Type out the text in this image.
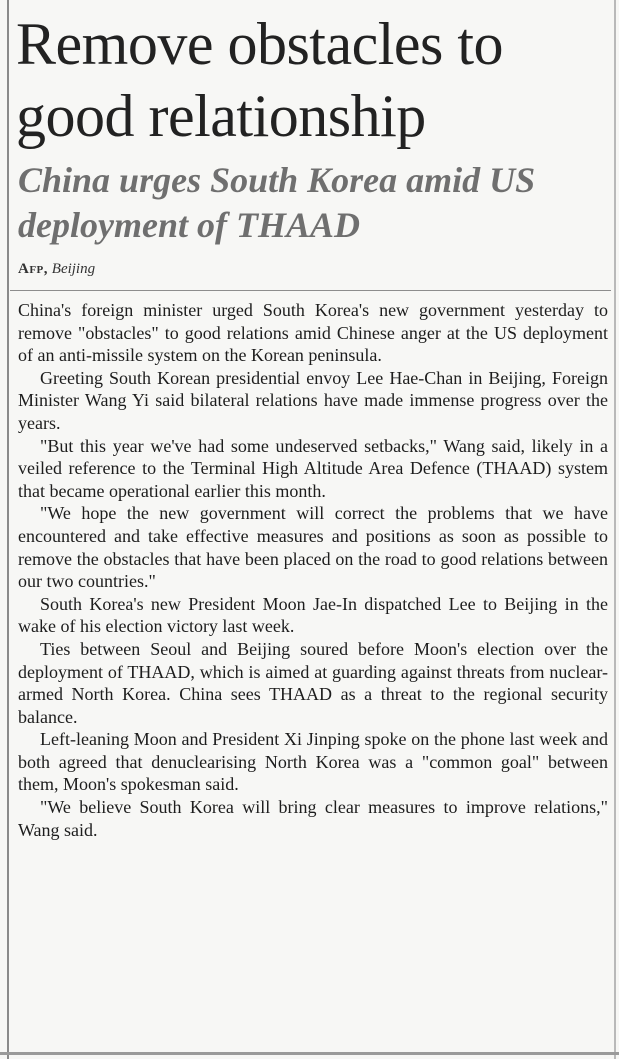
Remove obstacles to good relationship
China urges South Korea amid US deployment of THAAD
Afp, Beijing

China's foreign minister urged South Korea's new government yesterday to remove "obstacles" to good relations amid Chinese anger at the US deployment of an anti-missile system on the Korean peninsula.

Greeting South Korean presidential envoy Lee Hae-Chan in Beijing, Foreign Minister Wang Yi said bilateral relations have made immense progress over the years.

"But this year we've had some undeserved setbacks," Wang said, likely in a veiled reference to the Terminal High Altitude Area Defence (THAAD) system that became operational earlier this month.

"We hope the new government will correct the problems that we have encountered and take effective measures and positions as soon as possible to remove the obstacles that have been placed on the road to good relations between our two countries."

South Korea's new President Moon Jae-In dispatched Lee to Beijing in the wake of his election victory last week.

Ties between Seoul and Beijing soured before Moon's election over the deployment of THAAD, which is aimed at guarding against threats from nuclear-armed North Korea. China sees THAAD as a threat to the regional security balance.

Left-leaning Moon and President Xi Jinping spoke on the phone last week and both agreed that denuclearising North Korea was a "common goal" between them, Moon's spokesman said.

"We believe South Korea will bring clear measures to improve relations," Wang said.
